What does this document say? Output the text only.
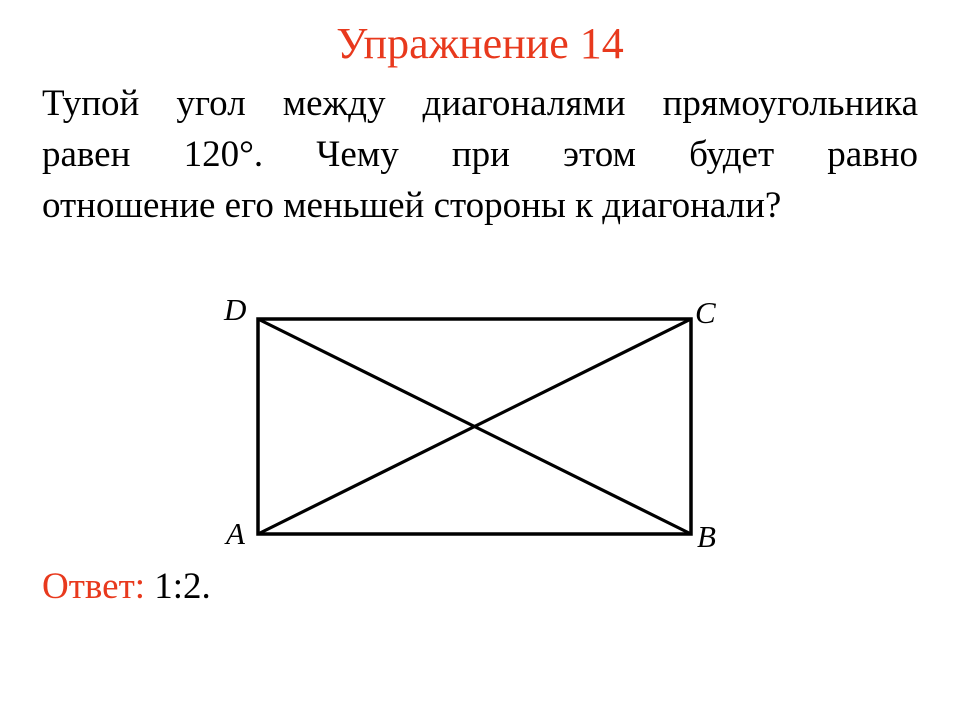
Упражнение 14
Тупой угол между диагоналями прямоугольника
равен 120°. Чему при этом будет равно
отношение его меньшей стороны к диагонали?
D	C
A	B
Ответ: 1:2.
